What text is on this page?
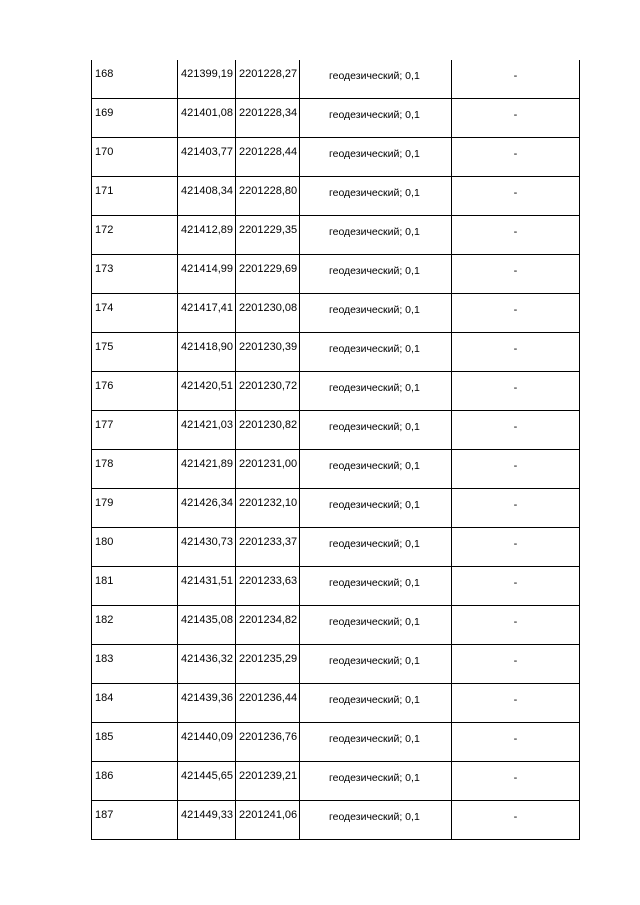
168	421399,19 2201228,27	геодезический; 0,1	-
169	421401,08 2201228,34	геодезический; 0,1	-
170	421403,77 2201228,44	геодезический; 0,1	-
171	421408,34 2201228,80	геодезический; 0,1	-
172	421412,89 2201229,35	геодезический; 0,1	-
173	421414,99 2201229,69	геодезический; 0,1	-
174	421417,41 2201230,08	геодезический; 0,1	-
175	421418,90 2201230,39	геодезический; 0,1	-
176	421420,51 2201230,72	геодезический; 0,1	-
177	421421,03 2201230,82	геодезический; 0,1	-
178	421421,89 2201231,00	геодезический; 0,1	-
179	421426,34 2201232,10	геодезический; 0,1	-
180	421430,73 2201233,37	геодезический; 0,1	-
181	421431,51 2201233,63	геодезический; 0,1	-
182	421435,08 2201234,82	геодезический; 0,1	-
183	421436,32 2201235,29	геодезический; 0,1	-
184	421439,36 2201236,44	геодезический; 0,1	-
185	421440,09 2201236,76	геодезический; 0,1	-
186	421445,65 2201239,21	геодезический; 0,1	-
187	421449,33 2201241,06	геодезический; 0,1	-
